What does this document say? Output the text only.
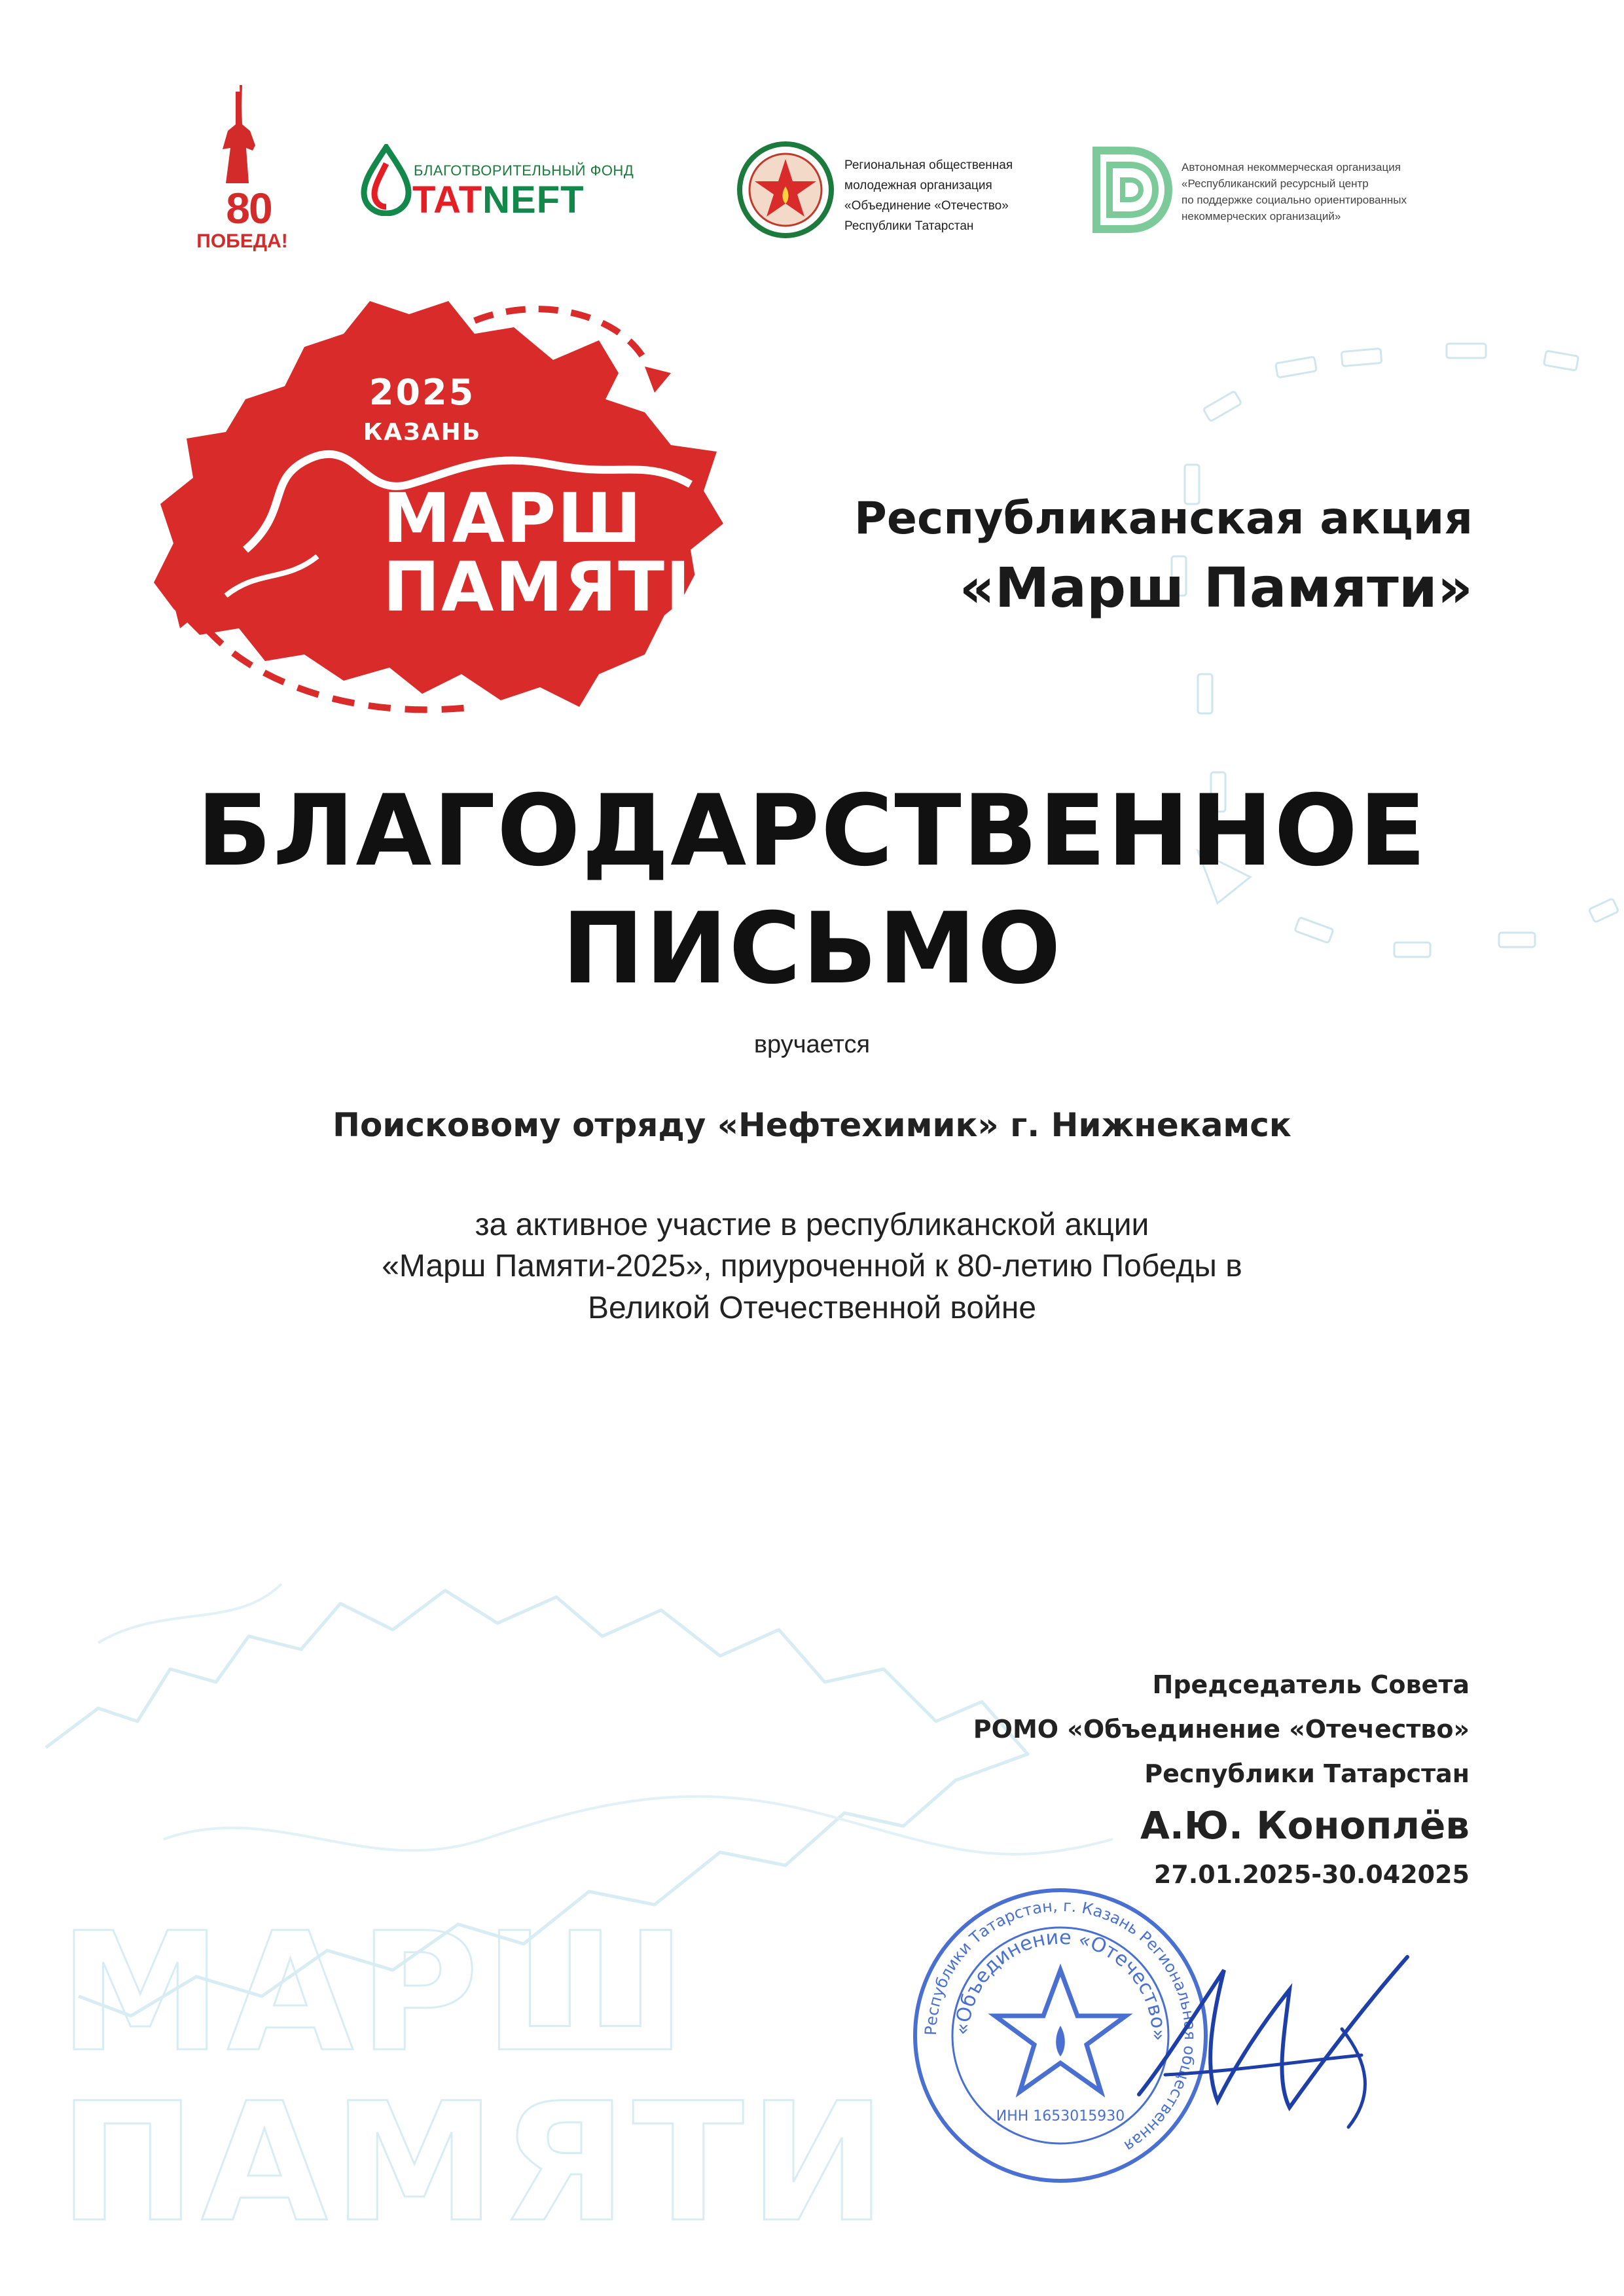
МАРШ
ПАМЯТИ
80
ПОБЕДА!
БЛАГОТВОРИТЕЛЬНЫЙ ФОНД
TATNEFT
Региональная общественная
молодежная организация
«Объединение «Отечество»
Республики Татарстан
Автономная некоммерческая организация
«Республиканский ресурсный центр
по поддержке социально ориентированных
некоммерческих организаций»
2025
КАЗАНЬ
МАРШ
ПАМЯТИ
Республиканская акция
«Марш Памяти»
БЛАГОДАРСТВЕННОЕ
ПИСЬМО
вручается
Поисковому отряду «Нефтехимик» г. Нижнекамск
за активное участие в республиканской акции
«Марш Памяти-2025», приуроченной к 80-летию Победы в
Великой Отечественной войне
Председатель Совета
РОМО «Объединение «Отечество»
Республики Татарстан
А.Ю. Коноплёв
27.01.2025-30.042025
Республики Татарстан, г. Казань Региональная общественная
«Объединение «Отечество»
ИНН 1653015930
